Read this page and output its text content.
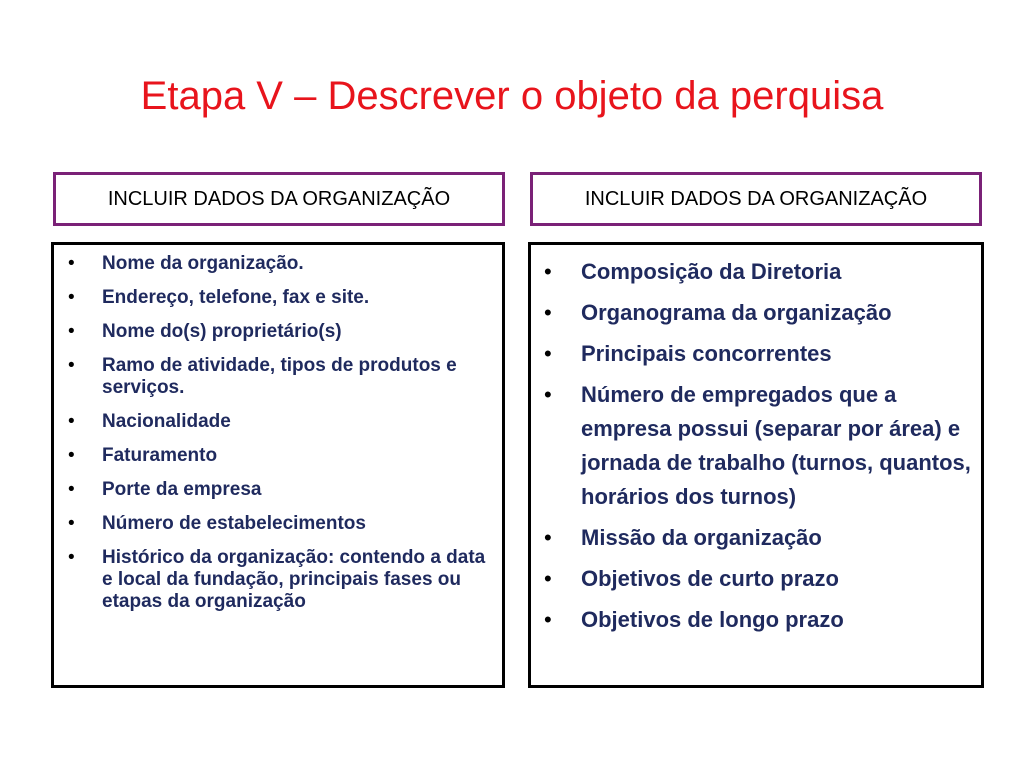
Etapa V – Descrever o objeto da perquisa
INCLUIR DADOS DA ORGANIZAÇÃO	INCLUIR DADOS DA ORGANIZAÇÃO
• Nome da organização.
• Endereço, telefone, fax e site.
• Nome do(s) proprietário(s)
• Ramo de atividade, tipos de produtos e serviços.
• Nacionalidade
• Faturamento
• Porte da empresa
• Número de estabelecimentos
• Histórico da organização: contendo a data e local da fundação, principais fases ou etapas da organização
• Composição da Diretoria
• Organograma da organização
• Principais concorrentes
• Número de empregados que a empresa possui (separar por área) e jornada de trabalho (turnos, quantos, horários dos turnos)
• Missão da organização
• Objetivos de curto prazo
• Objetivos de longo prazo
